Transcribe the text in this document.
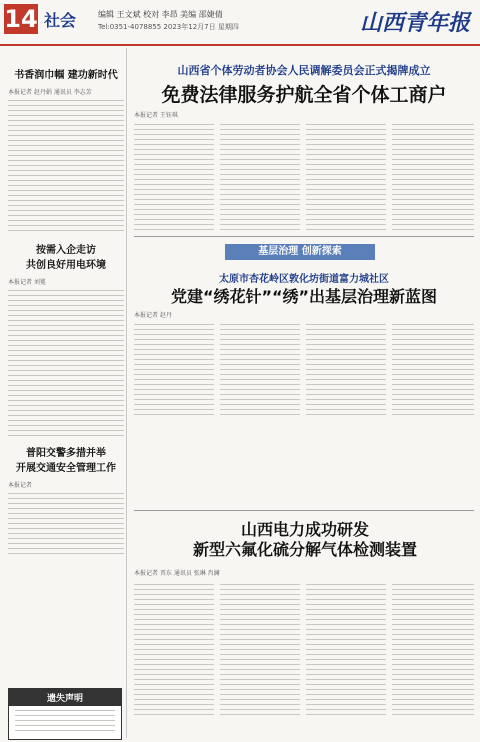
14 社会	编辑 王文斌 校对 李昂 美编 邵婕倩
Tel:0351-4078855 2023年12月7日 星期四	山西青年报
书香润巾帼 建功新时代
本报记者 赵丹娟 通讯员 李志芳
按需入企走访
共创良好用电环境
本报记者 刘冕
普阳交警多措并举
开展交通安全管理工作
本报记者
遗失声明
山西省个体劳动者协会人民调解委员会正式揭牌成立
免费法律服务护航全省个体工商户
本报记者 王钰琪
基层治理 创新探索
太原市杏花岭区敦化坊街道富力城社区
党建“绣花针”“绣”出基层治理新蓝图
本报记者 赵丹
山西电力成功研发
新型六氟化硫分解气体检测装置
本报记者 晋东 通讯员 张琳 肖澜
